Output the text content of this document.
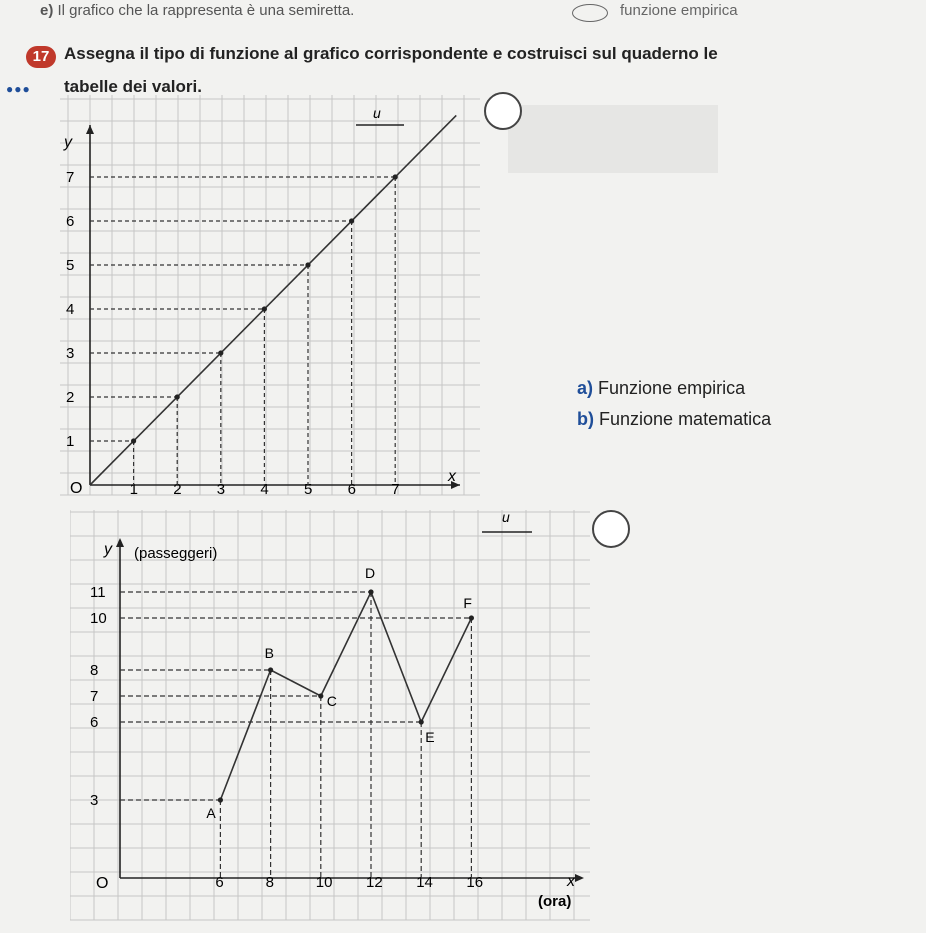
e) Il grafico che la rappresenta è una semiretta.	funzione empirica
●●●
17 Assegna il tipo di funzione al grafico corrispondente e costruisci sul quaderno le
tabelle dei valori.
O
x
y
u
1 2 3 4 5 6 7
1
2
3
4
5
6
7
a) Funzione empirica
b) Funzione matematica
O	x
(ora)
y (passeggeri)
u
3
6
7
8
10
11
6	8	10 12 14 16
A
B
C
D
E
F
